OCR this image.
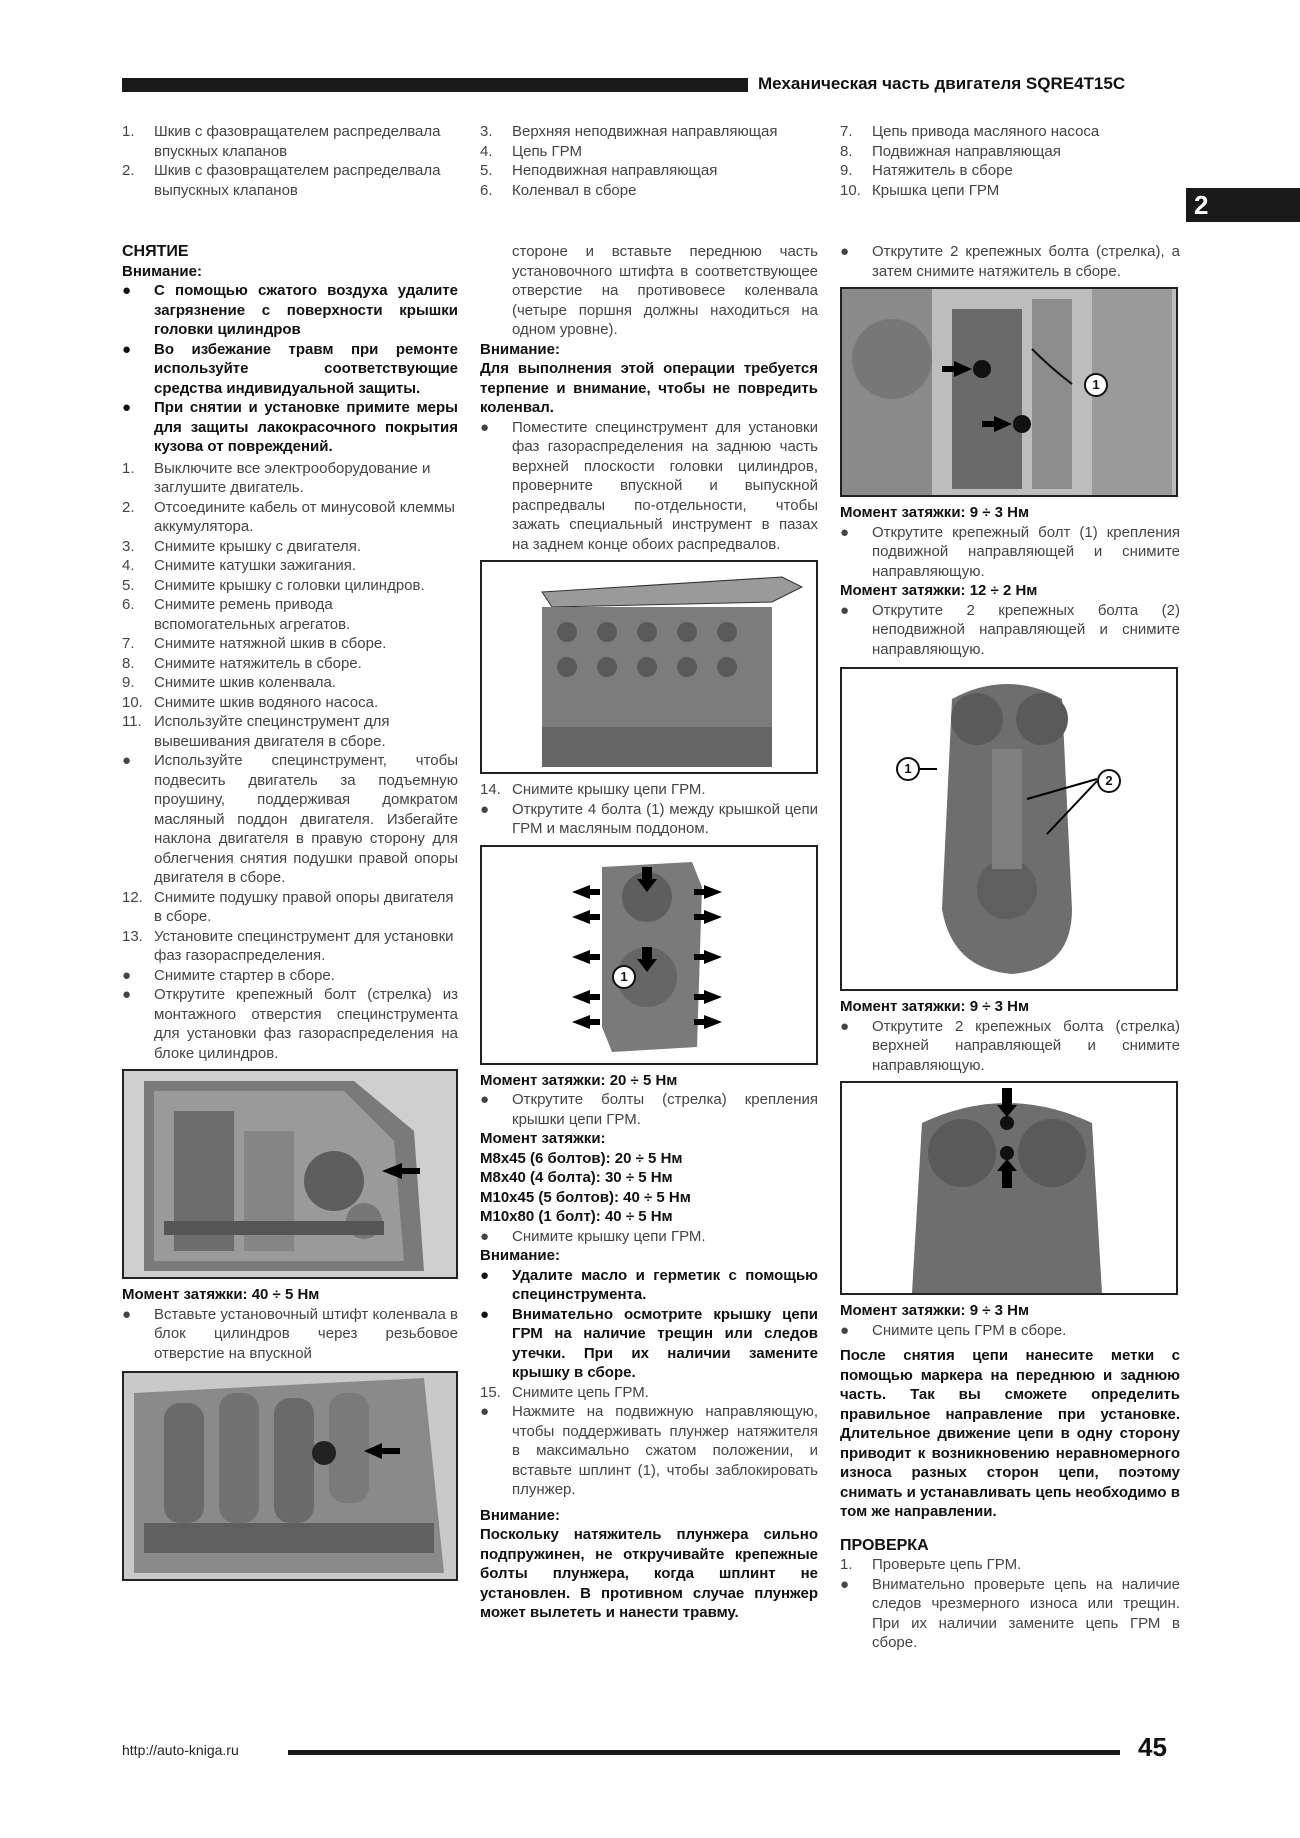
Механическая часть двигателя SQRE4T15C
2
1.	Шкив с фазовращателем распределвала впускных клапанов
2.	Шкив с фазовращателем распределвала выпускных клапанов
3.	Верхняя неподвижная направляющая
4.	Цепь ГРМ
5.	Неподвижная направляющая
6.	Коленвал в сборе
7.	Цепь привода масляного насоса
8.	Подвижная направляющая
9.	Натяжитель в сборе
10. Крышка цепи ГРМ

СНЯТИЕ

Внимание:

●	С помощью сжатого воздуха удалите загрязнение с поверхности крышки головки цилиндров
●	Во избежание травм при ремонте используйте соответствующие средства индивидуальной защиты.
●	При снятии и установке примите меры для защиты лакокрасочного покрытия кузова от повреждений.
1.	Выключите все электрооборудование и заглушите двигатель.
2.	Отсоедините кабель от минусовой клеммы аккумулятора.
3.	Снимите крышку с двигателя.
4.	Снимите катушки зажигания.
5.	Снимите крышку с головки цилиндров.
6.	Снимите ремень привода вспомогательных агрегатов.
7.	Снимите натяжной шкив в сборе.
8.	Снимите натяжитель в сборе.
9.	Снимите шкив коленвала.
10. Снимите шкив водяного насоса.
11. Используйте специнструмент для вывешивания двигателя в сборе.
●	Используйте специнструмент, чтобы подвесить двигатель за подъемную проушину, поддерживая домкратом масляный поддон двигателя. Избегайте наклона двигателя в правую сторону для облегчения снятия подушки правой опоры двигателя в сборе.
12. Снимите подушку правой опоры двигателя в сборе.
13. Установите специнструмент для установки фаз газораспределения.
●	Снимите стартер в сборе.
●	Открутите крепежный болт (стрелка) из монтажного отверстия специнструмента для установки фаз газораспределения на блоке цилиндров.

Момент затяжки: 40 ÷ 5 Нм

●	Вставьте установочный штифт коленвала в блок цилиндров через резьбовое отверстие на впускной
стороне и вставьте переднюю часть установочного штифта в соответствующее отверстие на противовесе коленвала (четыре поршня должны находиться на одном уровне).

Внимание:

Для выполнения этой операции требуется терпение и внимание, чтобы не повредить коленвал.

●	Поместите специнструмент для установки фаз газораспределения на заднюю часть верхней плоскости головки цилиндров, проверните впускной и выпускной распредвалы по-отдельности, чтобы зажать специальный инструмент в пазах на заднем конце обоих распредвалов.
14. Снимите крышку цепи ГРМ.
●	Открутите 4 болта (1) между крышкой цепи ГРМ и масляным поддоном.
1

Момент затяжки: 20 ÷ 5 Нм

●	Открутите болты (стрелка) крепления крышки цепи ГРМ.

Момент затяжки:

M8x45 (6 болтов): 20 ÷ 5 Нм

M8x40 (4 болта): 30 ÷ 5 Нм

M10x45 (5 болтов): 40 ÷ 5 Нм

M10x80 (1 болт): 40 ÷ 5 Нм

●	Снимите крышку цепи ГРМ.

Внимание:

●	Удалите масло и герметик с помощью специнструмента.
●	Внимательно осмотрите крышку цепи ГРМ на наличие трещин или следов утечки. При их наличии замените крышку в сборе.
15. Снимите цепь ГРМ.
●	Нажмите на подвижную направляющую, чтобы поддерживать плунжер натяжителя в максимально сжатом положении, и вставьте шплинт (1), чтобы заблокировать плунжер.

Внимание:

Поскольку натяжитель плунжера сильно подпружинен, не откручивайте крепежные болты плунжера, когда шплинт не установлен. В противном случае плунжер может вылететь и нанести травму.

●	Открутите 2 крепежных болта (стрелка), а затем снимите натяжитель в сборе.
1

Момент затяжки: 9 ÷ 3 Нм

●	Открутите крепежный болт (1) крепления подвижной направляющей и снимите направляющую.

Момент затяжки: 12 ÷ 2 Нм

●	Открутите 2 крепежных болта (2) неподвижной направляющей и снимите направляющую.
1
2

Момент затяжки: 9 ÷ 3 Нм

●	Открутите 2 крепежных болта (стрелка) верхней направляющей и снимите направляющую.

Момент затяжки: 9 ÷ 3 Нм

●	Снимите цепь ГРМ в сборе.

После снятия цепи нанесите метки с помощью маркера на переднюю и заднюю часть. Так вы сможете определить правильное направление при установке. Длительное движение цепи в одну сторону приводит к возникновению неравномерного износа разных сторон цепи, поэтому снимать и устанавливать цепь необходимо в том же направлении.

ПРОВЕРКА

1.	Проверьте цепь ГРМ.
●	Внимательно проверьте цепь на наличие следов чрезмерного износа или трещин. При их наличии замените цепь ГРМ в сборе.
http://auto-kniga.ru	45
